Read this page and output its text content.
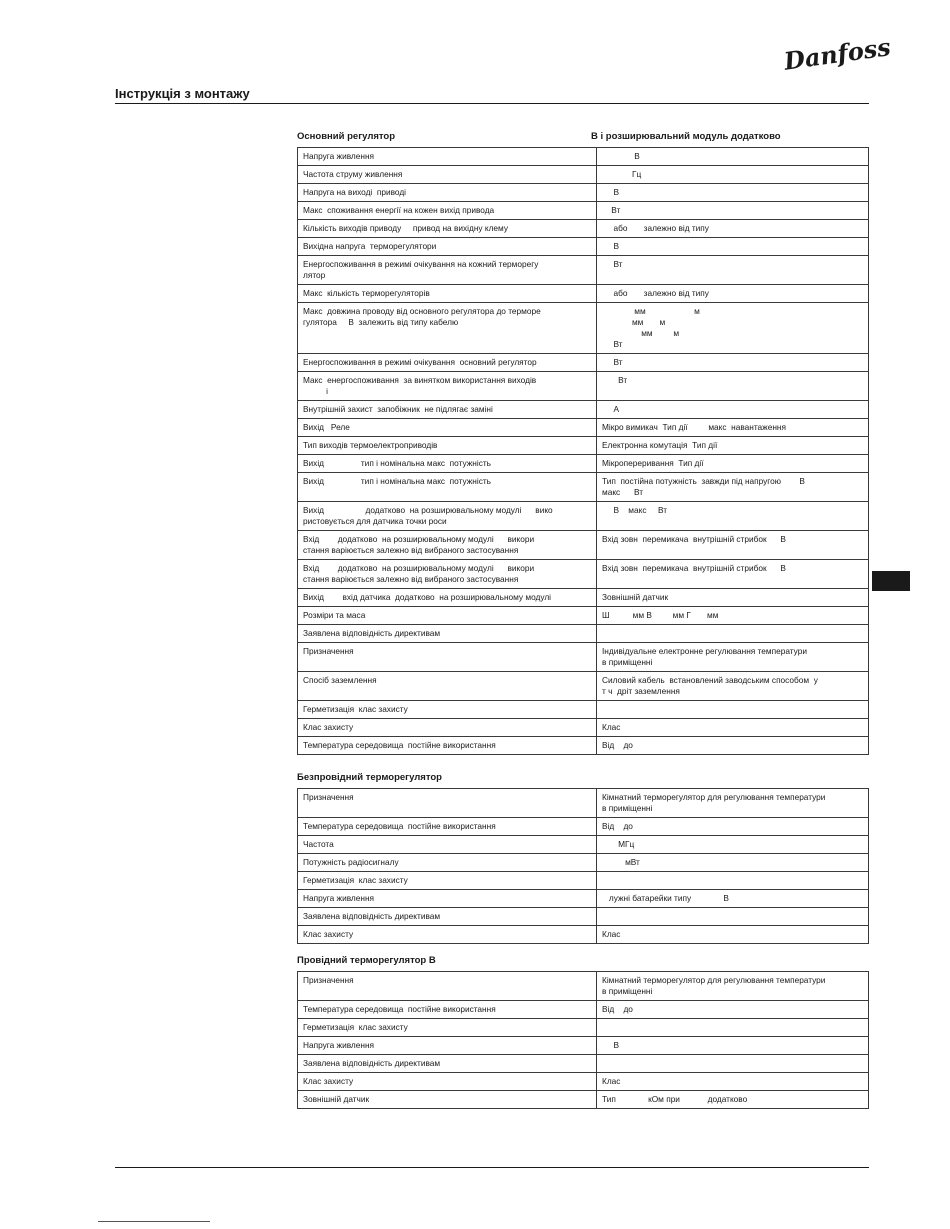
Danfoss
Інструкція з монтажу
Основний регулятор	В і розширювальний модуль додатково
Напруга живлення	В
Частота струму живлення	Гц
Напруга на виході  приводі	В
Макс  споживання енергії на кожен вихід привода	Вт
Кількість виходів приводу     привод на вихідну клему	або       залежно від типу
Вихідна напруга  терморегулятори	В
Енергоспоживання в режимі очікування на кожний терморегу
лятор	Вт
Макс  кількість терморегуляторів	або       залежно від типу
Макс  довжина проводу від основного регулятора до терморе
гулятора     В  залежить від типу кабелю	мм                     м
мм       м
мм         м
Вт
Енергоспоживання в режимі очікування  основний регулятор	Вт
Макс  енергоспоживання  за винятком використання виходів
і	Вт
Внутрішній захист  запобіжник  не підлягає заміні	А
Вихід   Реле	Мікро вимикач  Тип дії         макс  навантаження
Тип виходів термоелектроприводів	Електронна комутація  Тип дії
Вихід                тип і номінальна макс  потужність	Мікропереривання  Тип дії
Вихід                тип і номінальна макс  потужність	Тип  постійна потужність  завжди під напругою        В
макс      Вт
Вихід                  додатково  на розширювальному модулі      вико
ристовується для датчика точки роси	В    макс     Вт
Вхід        додатково  на розширювальному модулі      викори
стання варіюється залежно від вибраного застосування	Вхід зовн  перемикача  внутрішній стрибок      В
Вхід        додатково  на розширювальному модулі      викори
стання варіюється залежно від вибраного застосування	Вхід зовн  перемикача  внутрішній стрибок      В
Вихід        вхід датчика  додатково  на розширювальному модулі	Зовнішній датчик
Розміри та маса	Ш          мм В         мм Г       мм
Заявлена відповідність директивам	
Призначення	Індивідуальне електронне регулювання температури
в приміщенні
Спосіб заземлення	Силовий кабель  встановлений заводським способом  у
т ч  дріт заземлення
Герметизація  клас захисту	
Клас захисту	Клас
Температура середовища  постійне використання	Від    до
Безпровідний терморегулятор
Призначення	Кімнатний терморегулятор для регулювання температури
в приміщенні
Температура середовища  постійне використання	Від    до
Частота	МГц
Потужність радіосигналу	мВт
Герметизація  клас захисту	
Напруга живлення	лужні батарейки типу              В
Заявлена відповідність директивам	
Клас захисту	Клас
Провідний терморегулятор В
Призначення	Кімнатний терморегулятор для регулювання температури
в приміщенні
Температура середовища  постійне використання	Від    до
Герметизація  клас захисту	
Напруга живлення	В
Заявлена відповідність директивам	
Клас захисту	Клас
Зовнішній датчик	Тип              кОм при            додатково
